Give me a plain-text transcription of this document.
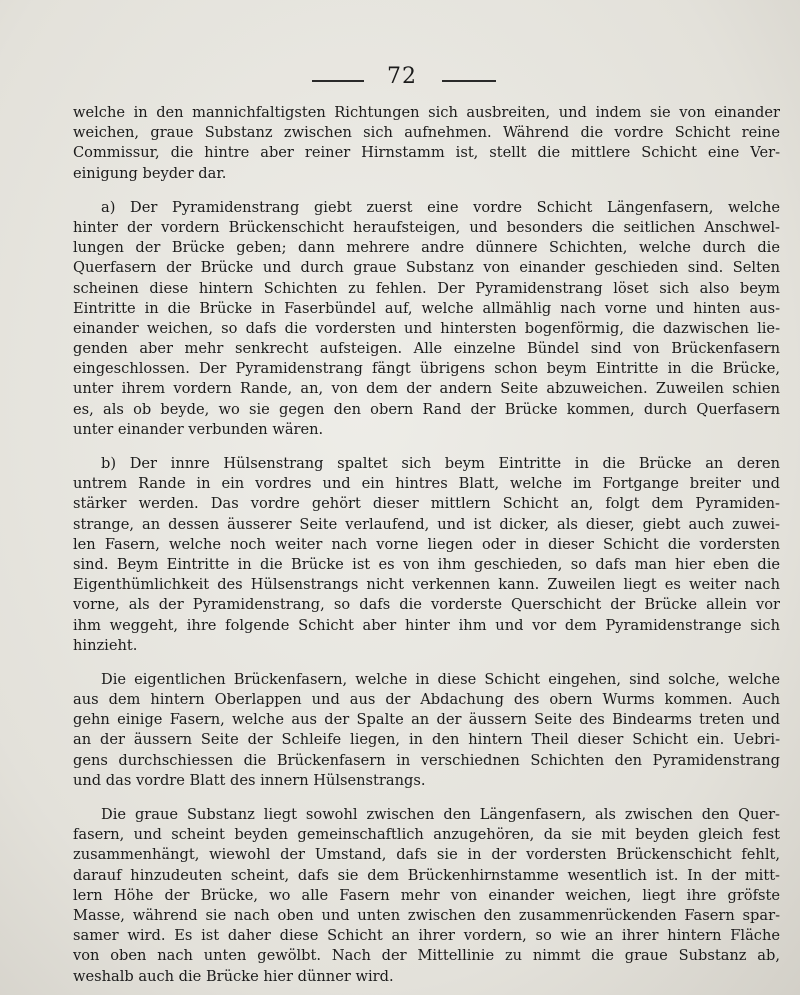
72
welche in den mannichfaltigsten Richtungen sich ausbreiten, und indem sie von einander
weichen, graue Substanz zwischen sich aufnehmen. Während die vordre Schicht reine
Commissur, die hintre aber reiner Hirnstamm ist, stellt die mittlere Schicht eine Ver-
einigung beyder dar.
a) Der Pyramidenstrang giebt zuerst eine vordre Schicht Längenfasern, welche
hinter der vordern Brückenschicht heraufsteigen, und besonders die seitlichen Anschwel-
lungen der Brücke geben; dann mehrere andre dünnere Schichten, welche durch die
Querfasern der Brücke und durch graue Substanz von einander geschieden sind. Selten
scheinen diese hintern Schichten zu fehlen. Der Pyramidenstrang löset sich also beym
Eintritte in die Brücke in Faserbündel auf, welche allmählig nach vorne und hinten aus-
einander weichen, so dafs die vordersten und hintersten bogenförmig, die dazwischen lie-
genden aber mehr senkrecht aufsteigen. Alle einzelne Bündel sind von Brückenfasern
eingeschlossen. Der Pyramidenstrang fängt übrigens schon beym Eintritte in die Brücke,
unter ihrem vordern Rande, an, von dem der andern Seite abzuweichen. Zuweilen schien
es, als ob beyde, wo sie gegen den obern Rand der Brücke kommen, durch Querfasern
unter einander verbunden wären.
b) Der innre Hülsenstrang spaltet sich beym Eintritte in die Brücke an deren
untrem Rande in ein vordres und ein hintres Blatt, welche im Fortgange breiter und
stärker werden. Das vordre gehört dieser mittlern Schicht an, folgt dem Pyramiden-
strange, an dessen äusserer Seite verlaufend, und ist dicker, als dieser, giebt auch zuwei-
len Fasern, welche noch weiter nach vorne liegen oder in dieser Schicht die vordersten
sind. Beym Eintritte in die Brücke ist es von ihm geschieden, so dafs man hier eben die
Eigenthümlichkeit des Hülsenstrangs nicht verkennen kann. Zuweilen liegt es weiter nach
vorne, als der Pyramidenstrang, so dafs die vorderste Querschicht der Brücke allein vor
ihm weggeht, ihre folgende Schicht aber hinter ihm und vor dem Pyramidenstrange sich
hinzieht.
Die eigentlichen Brückenfasern, welche in diese Schicht eingehen, sind solche, welche
aus dem hintern Oberlappen und aus der Abdachung des obern Wurms kommen. Auch
gehn einige Fasern, welche aus der Spalte an der äussern Seite des Bindearms treten und
an der äussern Seite der Schleife liegen, in den hintern Theil dieser Schicht ein. Uebri-
gens durchschiessen die Brückenfasern in verschiednen Schichten den Pyramidenstrang
und das vordre Blatt des innern Hülsenstrangs.
Die graue Substanz liegt sowohl zwischen den Längenfasern, als zwischen den Quer-
fasern, und scheint beyden gemeinschaftlich anzugehören, da sie mit beyden gleich fest
zusammenhängt, wiewohl der Umstand, dafs sie in der vordersten Brückenschicht fehlt,
darauf hinzudeuten scheint, dafs sie dem Brückenhirnstamme wesentlich ist. In der mitt-
lern Höhe der Brücke, wo alle Fasern mehr von einander weichen, liegt ihre gröfste
Masse, während sie nach oben und unten zwischen den zusammenrückenden Fasern spar-
samer wird. Es ist daher diese Schicht an ihrer vordern, so wie an ihrer hintern Fläche
von oben nach unten gewölbt. Nach der Mittellinie zu nimmt die graue Substanz ab,
weshalb auch die Brücke hier dünner wird.
